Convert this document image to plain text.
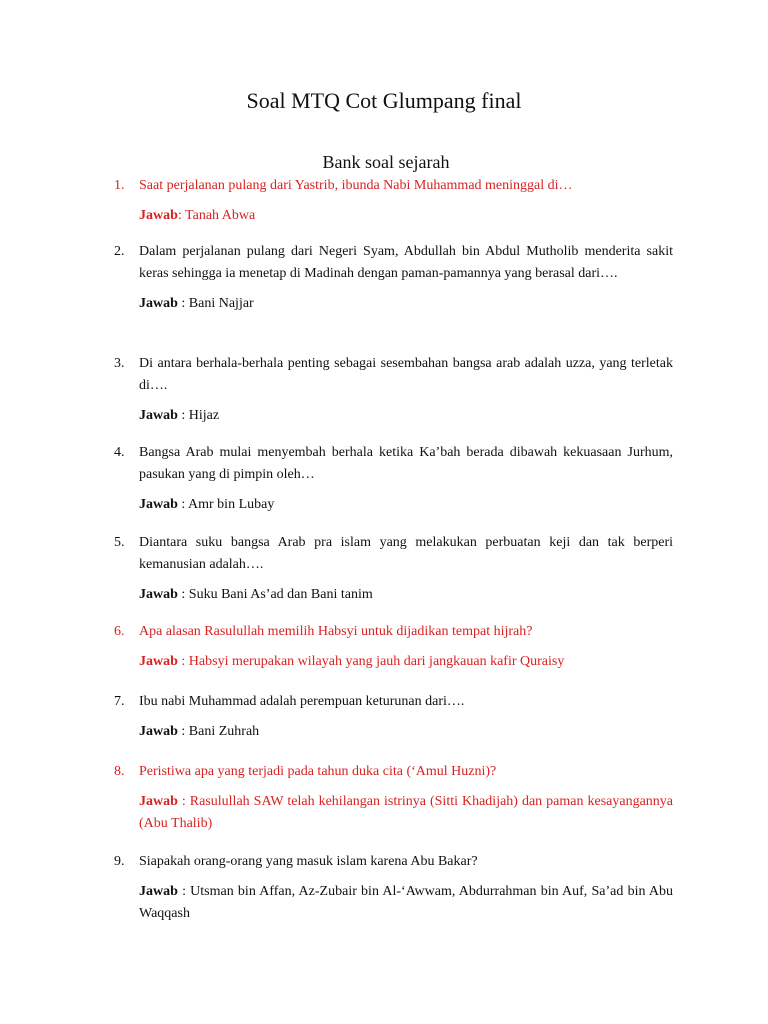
Soal MTQ Cot Glumpang final
Bank soal sejarah
1. Saat perjalanan pulang dari Yastrib, ibunda Nabi Muhammad meninggal di…
Jawab: Tanah Abwa
2. Dalam perjalanan pulang dari Negeri Syam, Abdullah bin Abdul Mutholib menderita sakit keras sehingga ia menetap di Madinah dengan paman-pamannya yang berasal dari….
Jawab : Bani Najjar
3. Di antara berhala-berhala penting sebagai sesembahan bangsa arab adalah uzza, yang terletak di….
Jawab : Hijaz
4. Bangsa Arab mulai menyembah berhala ketika Ka’bah berada dibawah kekuasaan Jurhum, pasukan yang di pimpin oleh…
Jawab : Amr bin Lubay
5. Diantara suku bangsa Arab pra islam yang melakukan perbuatan keji dan tak berperi kemanusian adalah….
Jawab : Suku Bani As’ad dan Bani tanim
6. Apa alasan Rasulullah memilih Habsyi untuk dijadikan tempat hijrah?
Jawab : Habsyi merupakan wilayah yang jauh dari jangkauan kafir Quraisy
7. Ibu nabi Muhammad adalah perempuan keturunan dari….
Jawab : Bani Zuhrah
8. Peristiwa apa yang terjadi pada tahun duka cita (‘Amul Huzni)?
Jawab : Rasulullah SAW telah kehilangan istrinya (Sitti Khadijah) dan paman kesayangannya (Abu Thalib)
9. Siapakah orang-orang yang masuk islam karena Abu Bakar?
Jawab : Utsman bin Affan, Az-Zubair bin Al-‘Awwam, Abdurrahman bin Auf, Sa’ad bin Abu Waqqash
